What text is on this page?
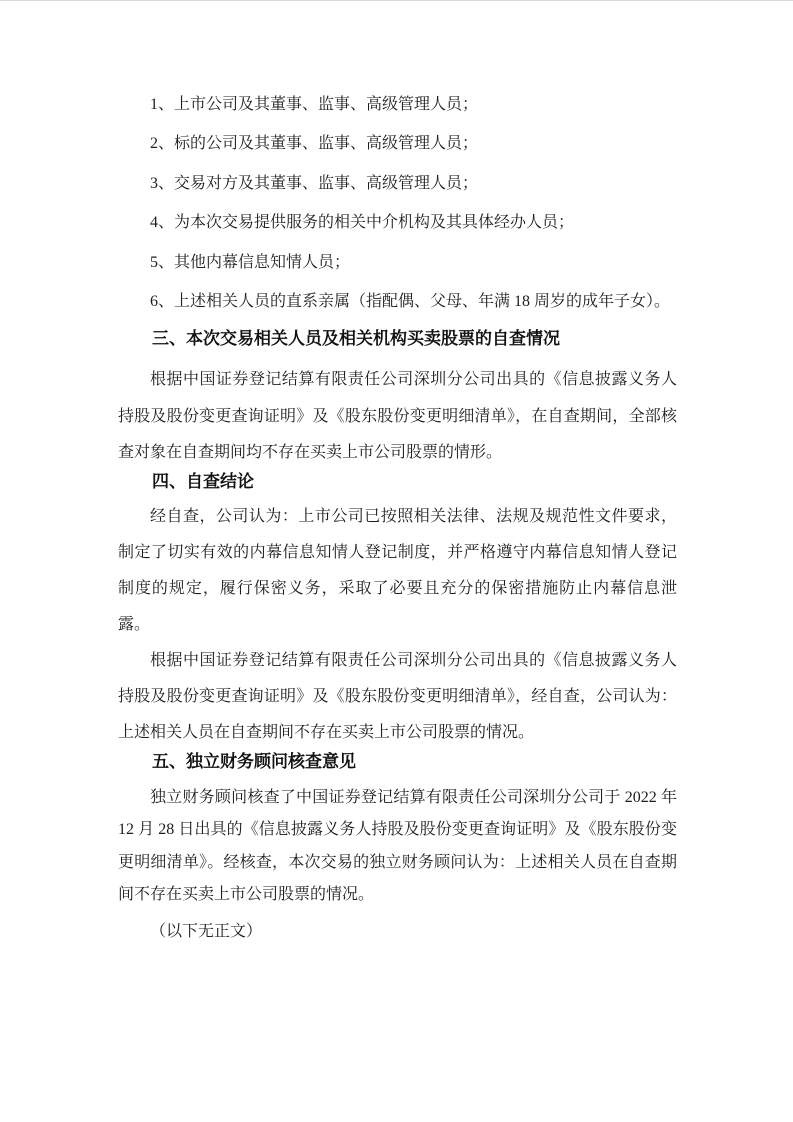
1、上市公司及其董事、监事、高级管理人员；

2、标的公司及其董事、监事、高级管理人员；

3、交易对方及其董事、监事、高级管理人员；

4、为本次交易提供服务的相关中介机构及其具体经办人员；

5、其他内幕信息知情人员；

6、上述相关人员的直系亲属（指配偶、父母、年满 18 周岁的成年子女）。

三、本次交易相关人员及相关机构买卖股票的自查情况

根据中国证券登记结算有限责任公司深圳分公司出具的《信息披露义务人持股及股份变更查询证明》及《股东股份变更明细清单》，在自查期间，全部核查对象在自查期间均不存在买卖上市公司股票的情形。

四、自查结论

经自查，公司认为：上市公司已按照相关法律、法规及规范性文件要求，制定了切实有效的内幕信息知情人登记制度，并严格遵守内幕信息知情人登记制度的规定，履行保密义务，采取了必要且充分的保密措施防止内幕信息泄露。

根据中国证券登记结算有限责任公司深圳分公司出具的《信息披露义务人持股及股份变更查询证明》及《股东股份变更明细清单》，经自查，公司认为：上述相关人员在自查期间不存在买卖上市公司股票的情况。

五、独立财务顾问核查意见

独立财务顾问核查了中国证券登记结算有限责任公司深圳分公司于 2022 年 12 月 28 日出具的《信息披露义务人持股及股份变更查询证明》及《股东股份变更明细清单》。经核查，本次交易的独立财务顾问认为：上述相关人员在自查期间不存在买卖上市公司股票的情况。

（以下无正文）
